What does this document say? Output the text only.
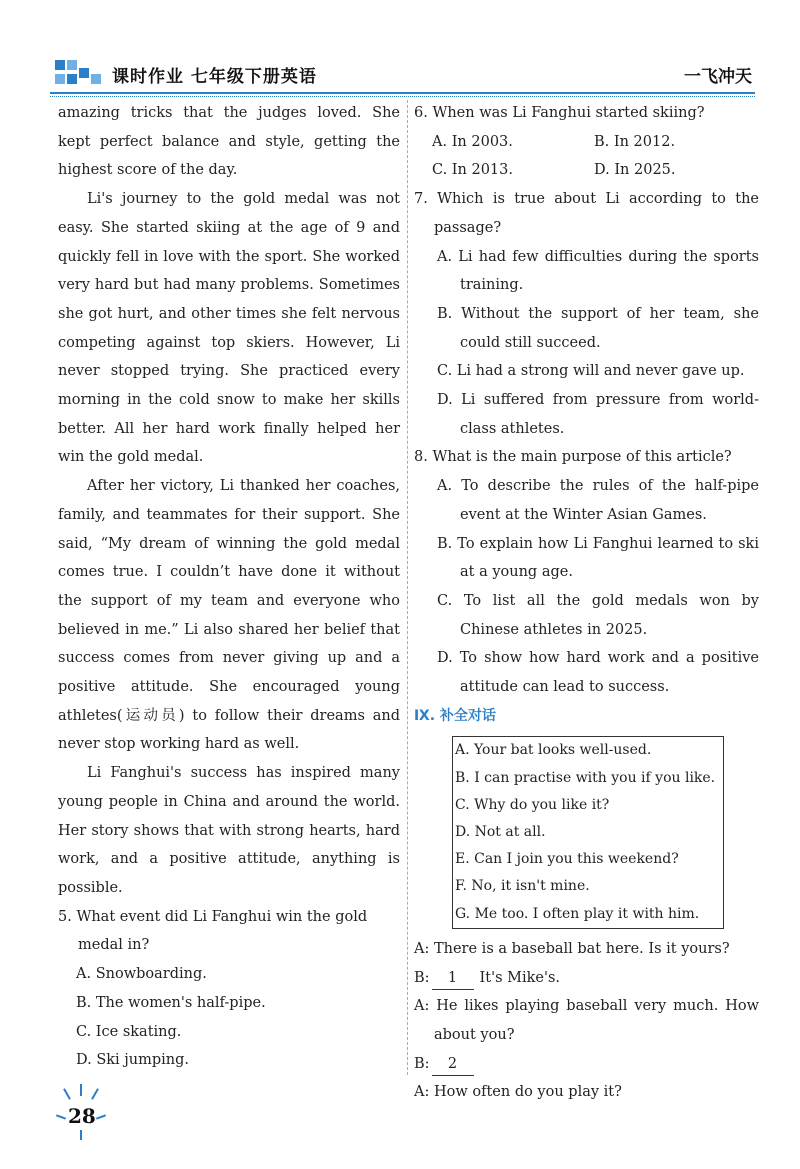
课时作业 七年级下册英语	一飞冲天

amazing tricks that the judges loved. She kept perfect balance and style, getting the highest score of the day.

Li's journey to the gold medal was not easy. She started skiing at the age of 9 and quickly fell in love with the sport. She worked very hard but had many problems. Sometimes she got hurt, and other times she felt nervous competing against top skiers. However, Li never stopped trying. She practiced every morning in the cold snow to make her skills better. All her hard work finally helped her win the gold medal.

After her victory, Li thanked her coaches, family, and teammates for their support. She said, “My dream of winning the gold medal comes true. I couldn’t have done it without the support of my team and everyone who believed in me.” Li also shared her belief that success comes from never giving up and a positive attitude. She encouraged young athletes(运动员) to follow their dreams and never stop working hard as well.

Li Fanghui's success has inspired many young people in China and around the world. Her story shows that with strong hearts, hard work, and a positive attitude, anything is possible.

5. What event did Li Fanghui win the gold medal in?

A. Snowboarding.

B. The women's half-pipe.

C. Ice skating.

D. Ski jumping.

6. When was Li Fanghui started skiing?

A. In 2003.	B. In 2012.
C. In 2013.	D. In 2025.

7. Which is true about Li according to the passage?

A. Li had few difficulties during the sports training.

B. Without the support of her team, she could still succeed.

C. Li had a strong will and never gave up.

D. Li suffered from pressure from world-class athletes.

8. What is the main purpose of this article?

A. To describe the rules of the half-pipe event at the Winter Asian Games.

B. To explain how Li Fanghui learned to ski at a young age.

C. To list all the gold medals won by Chinese athletes in 2025.

D. To show how hard work and a positive attitude can lead to success.

Ⅸ. 补全对话

A. Your bat looks well-used.
B. I can practise with you if you like.
C. Why do you like it?
D. Not at all.
E. Can I join you this weekend?
F. No, it isn't mine.
G. Me too. I often play it with him.

A: There is a baseball bat here. Is it yours?

B: 1 It's Mike's.

A: He likes playing baseball very much. How about you?

B: 2

A: How often do you play it?

28
